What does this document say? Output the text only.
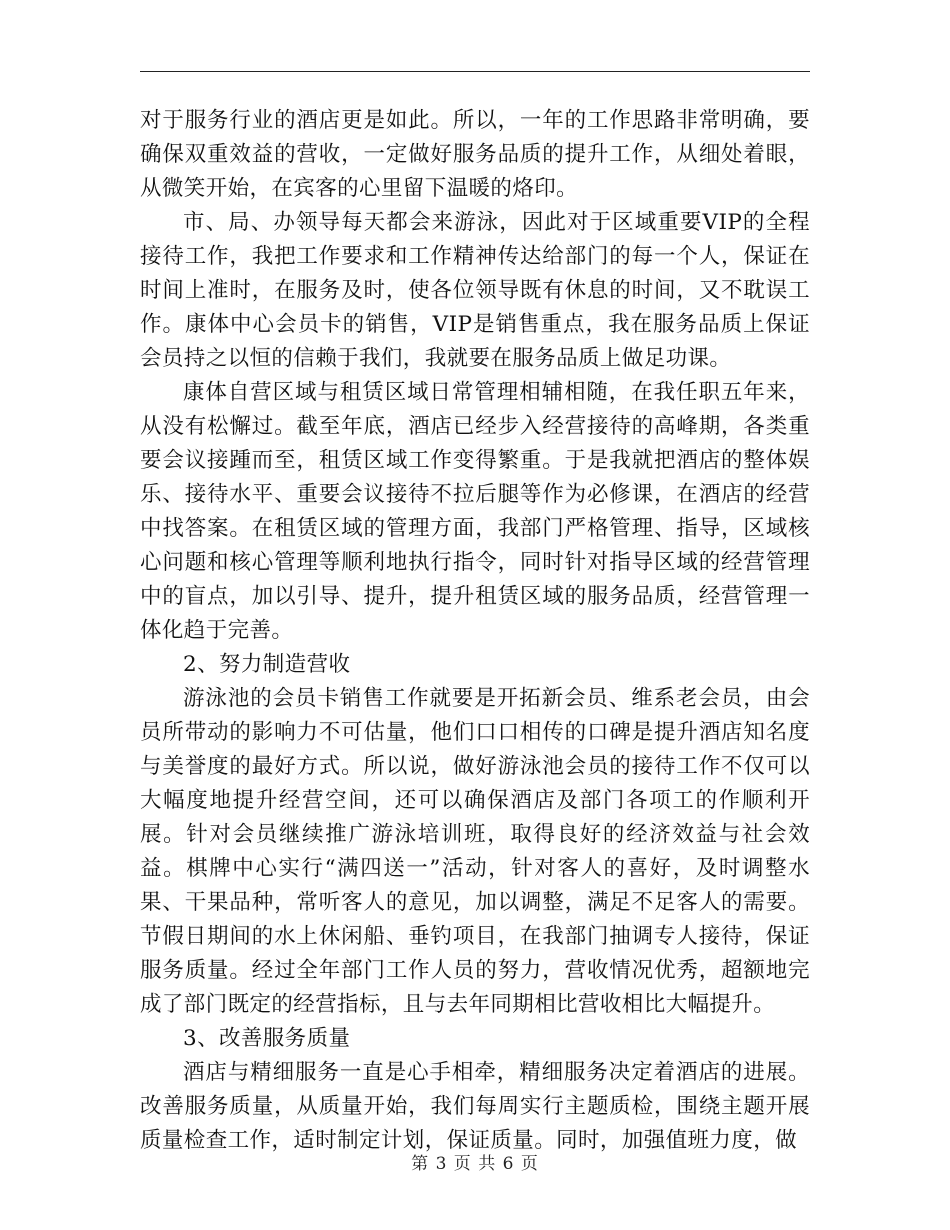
对于服务行业的酒店更是如此。所以，一年的工作思路非常明确，要确保双重效益的营收，一定做好服务品质的提升工作，从细处着眼，从微笑开始，在宾客的心里留下温暖的烙印。

市、局、办领导每天都会来游泳，因此对于区域重要VIP的全程接待工作，我把工作要求和工作精神传达给部门的每一个人，保证在时间上准时，在服务及时，使各位领导既有休息的时间，又不耽误工作。康体中心会员卡的销售，VIP是销售重点，我在服务品质上保证会员持之以恒的信赖于我们，我就要在服务品质上做足功课。

康体自营区域与租赁区域日常管理相辅相随，在我任职五年来，从没有松懈过。截至年底，酒店已经步入经营接待的高峰期，各类重要会议接踵而至，租赁区域工作变得繁重。于是我就把酒店的整体娱乐、接待水平、重要会议接待不拉后腿等作为必修课，在酒店的经营中找答案。在租赁区域的管理方面，我部门严格管理、指导，区域核心问题和核心管理等顺利地执行指令，同时针对指导区域的经营管理中的盲点，加以引导、提升，提升租赁区域的服务品质，经营管理一体化趋于完善。

2、努力制造营收

游泳池的会员卡销售工作就要是开拓新会员、维系老会员，由会员所带动的影响力不可估量，他们口口相传的口碑是提升酒店知名度与美誉度的最好方式。所以说，做好游泳池会员的接待工作不仅可以大幅度地提升经营空间，还可以确保酒店及部门各项工的作顺利开展。针对会员继续推广游泳培训班，取得良好的经济效益与社会效益。棋牌中心实行“满四送一”活动，针对客人的喜好，及时调整水果、干果品种，常听客人的意见，加以调整，满足不足客人的需要。节假日期间的水上休闲船、垂钓项目，在我部门抽调专人接待，保证服务质量。经过全年部门工作人员的努力，营收情况优秀，超额地完成了部门既定的经营指标，且与去年同期相比营收相比大幅提升。

3、改善服务质量

酒店与精细服务一直是心手相牵，精细服务决定着酒店的进展。改善服务质量，从质量开始，我们每周实行主题质检，围绕主题开展质量检查工作，适时制定计划，保证质量。同时，加强值班力度，做

第 3 页 共 6 页
